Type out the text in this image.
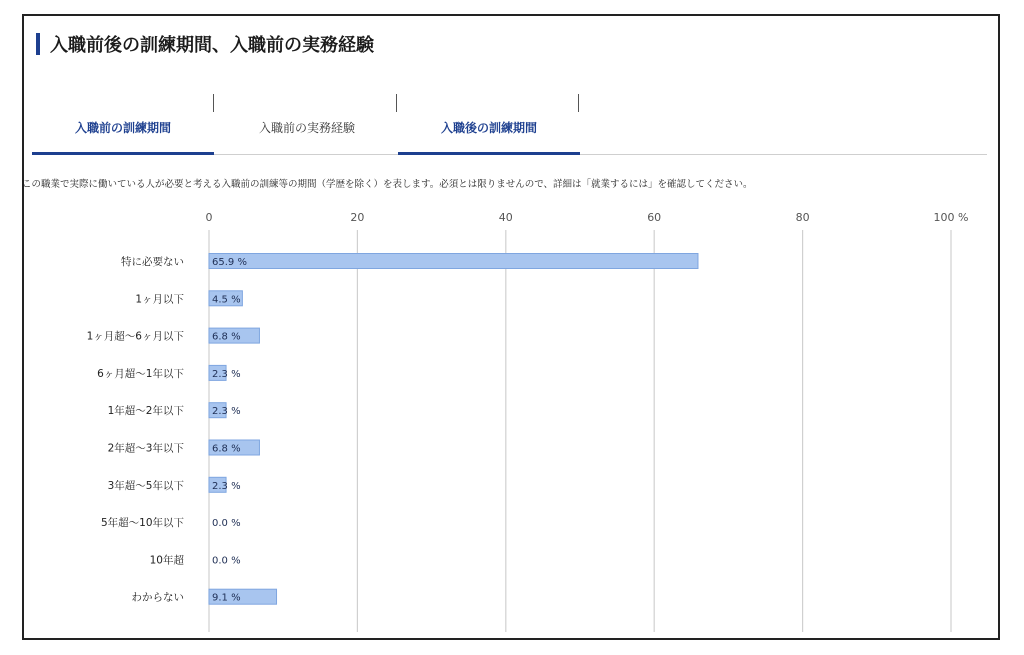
入職前後の訓練期間、入職前の実務経験
入職前の訓練期間	入職前の実務経験	入職後の訓練期間
この職業で実際に働いている人が必要と考える入職前の訓練等の期間（学歴を除く）を表します。必須とは限りませんので、詳細は「就業するには」を確認してください。
0	20	40	60	80	100 %
特に必要ない	65.9 %
1ヶ月以下	4.5 %
1ヶ月超〜6ヶ月以下	6.8 %
6ヶ月超〜1年以下	2.3 %
1年超〜2年以下	2.3 %
2年超〜3年以下	6.8 %
3年超〜5年以下	2.3 %
5年超〜10年以下	0.0 %
10年超	0.0 %
わからない	9.1 %
